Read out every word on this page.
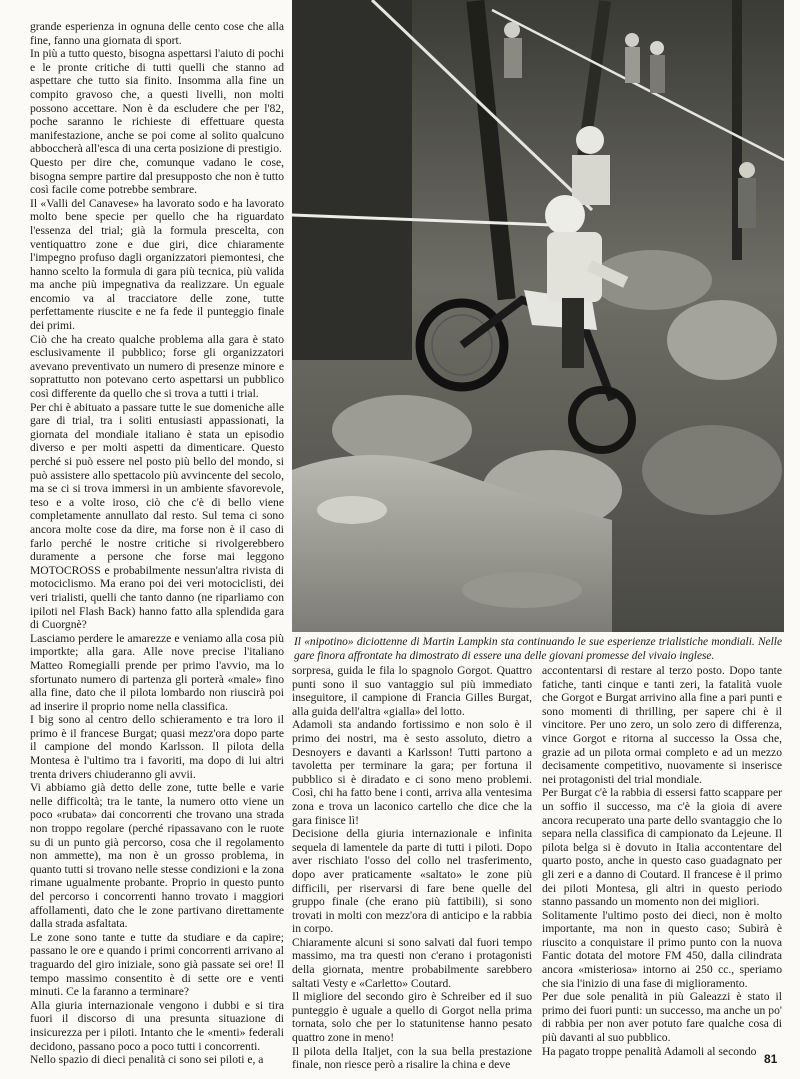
grande esperienza in ognuna delle cento cose che alla fine, fanno una giornata di sport.

In più a tutto questo, bisogna aspettarsi l'aiuto di pochi e le pronte critiche di tutti quelli che stanno ad aspettare che tutto sia finito. Insomma alla fine un compito gravoso che, a questi livelli, non molti possono accettare. Non è da escludere che per l'82, poche saranno le richieste di effettuare questa manifestazione, anche se poi come al solito qualcuno abboccherà all'esca di una certa posizione di prestigio.

Questo per dire che, comunque vadano le cose, bisogna sempre partire dal presupposto che non è tutto così facile come potrebbe sembrare.

Il «Valli del Canavese» ha lavorato sodo e ha lavorato molto bene specie per quello che ha riguardato l'essenza del trial; già la formula prescelta, con ventiquattro zone e due giri, dice chiaramente l'impegno profuso dagli organizzatori piemontesi, che hanno scelto la formula di gara più tecnica, più valida ma anche più impegnativa da realizzare. Un eguale encomio va al tracciatore delle zone, tutte perfettamente riuscite e ne fa fede il punteggio finale dei primi.

Ciò che ha creato qualche problema alla gara è stato esclusivamente il pubblico; forse gli organizzatori avevano preventivato un numero di presenze minore e soprattutto non potevano certo aspettarsi un pubblico così differente da quello che si trova a tutti i trial.

Per chi è abituato a passare tutte le sue domeniche alle gare di trial, tra i soliti entusiasti appassionati, la giornata del mondiale italiano è stata un episodio diverso e per molti aspetti da dimenticare. Questo perché si può essere nel posto più bello del mondo, si può assistere allo spettacolo più avvincente del secolo, ma se ci si trova immersi in un ambiente sfavorevole, teso e a volte iroso, ciò che c'è di bello viene completamente annullato dal resto. Sul tema ci sono ancora molte cose da dire, ma forse non è il caso di farlo perché le nostre critiche si rivolgerebbero duramente a persone che forse mai leggono MOTOCROSS e probabilmente nessun'altra rivista di motociclismo. Ma erano poi dei veri motociclisti, dei veri trialisti, quelli che tanto danno (ne riparliamo con ipiloti nel Flash Back) hanno fatto alla splendida gara di Cuorgnè?

Lasciamo perdere le amarezze e veniamo alla cosa più importkte; alla gara. Alle nove precise l'italiano Matteo Romegialli prende per primo l'avvio, ma lo sfortunato numero di partenza gli porterà «male» fino alla fine, dato che il pilota lombardo non riuscirà poi ad inserire il proprio nome nella classifica.

I big sono al centro dello schieramento e tra loro il primo è il francese Burgat; quasi mezz'ora dopo parte il campione del mondo Karlsson. Il pilota della Montesa è l'ultimo tra i favoriti, ma dopo di lui altri trenta drivers chiuderanno gli avvii.

Vi abbiamo già detto delle zone, tutte belle e varie nelle difficoltà; tra le tante, la numero otto viene un poco «rubata» dai concorrenti che trovano una strada non troppo regolare (perché ripassavano con le ruote su di un punto già percorso, cosa che il regolamento non ammette), ma non è un grosso problema, in quanto tutti si trovano nelle stesse condizioni e la zona rimane ugualmente probante. Proprio in questo punto del percorso i concorrenti hanno trovato i maggiori affollamenti, dato che le zone partivano direttamente dalla strada asfaltata.

Le zone sono tante e tutte da studiare e da capire; passano le ore e quando i primi concorrenti arrivano al traguardo del giro iniziale, sono già passate sei ore! Il tempo massimo consentito è di sette ore e venti minuti. Ce la faranno a terminare?

Alla giuria internazionale vengono i dubbi e si tira fuori il discorso di una presunta situazione di insicurezza per i piloti. Intanto che le «menti» federali decidono, passano poco a poco tutti i concorrenti.

Nello spazio di dieci penalità ci sono sei piloti e, a

Il «nipotino» diciottenne di Martin Lampkin sta continuando le sue esperienze trialistiche mondiali. Nelle gare finora affrontate ha dimostrato di essere una delle giovani promesse del vivaio inglese.

sorpresa, guida le fila lo spagnolo Gorgot. Quattro punti sono il suo vantaggio sul più immediato inseguitore, il campione di Francia Gilles Burgat, alla guida dell'altra «gialla» del lotto.

Adamoli sta andando fortissimo e non solo è il primo dei nostri, ma è sesto assoluto, dietro a Desnoyers e davanti a Karlsson! Tutti partono a tavoletta per terminare la gara; per fortuna il pubblico si è diradato e ci sono meno problemi. Così, chi ha fatto bene i conti, arriva alla ventesima zona e trova un laconico cartello che dice che la gara finisce lì!

Decisione della giuria internazionale e infinita sequela di lamentele da parte di tutti i piloti. Dopo aver rischiato l'osso del collo nel trasferimento, dopo aver praticamente «saltato» le zone più difficili, per riservarsi di fare bene quelle del gruppo finale (che erano più fattibili), si sono trovati in molti con mezz'ora di anticipo e la rabbia in corpo.

Chiaramente alcuni si sono salvati dal fuori tempo massimo, ma tra questi non c'erano i protagonisti della giornata, mentre probabilmente sarebbero saltati Vesty e «Carletto» Coutard.

Il migliore del secondo giro è Schreiber ed il suo punteggio è uguale a quello di Gorgot nella prima tornata, solo che per lo statunitense hanno pesato quattro zone in meno!

Il pilota della Italjet, con la sua bella prestazione finale, non riesce però a risalire la china e deve

accontentarsi di restare al terzo posto. Dopo tante fatiche, tanti cinque e tanti zeri, la fatalità vuole che Gorgot e Burgat arrivino alla fine a pari punti e sono momenti di thrilling, per sapere chi è il vincitore. Per uno zero, un solo zero di differenza, vince Gorgot e ritorna al successo la Ossa che, grazie ad un pilota ormai completo e ad un mezzo decisamente competitivo, nuovamente si inserisce nei protagonisti del trial mondiale.

Per Burgat c'è la rabbia di essersi fatto scappare per un soffio il successo, ma c'è la gioia di avere ancora recuperato una parte dello svantaggio che lo separa nella classifica di campionato da Lejeune. Il pilota belga si è dovuto in Italia accontentare del quarto posto, anche in questo caso guadagnato per gli zeri e a danno di Coutard. Il francese è il primo dei piloti Montesa, gli altri in questo periodo stanno passando un momento non dei migliori.

Solitamente l'ultimo posto dei dieci, non è molto importante, ma non in questo caso; Subirà è riuscito a conquistare il primo punto con la nuova Fantic dotata del motore FM 450, dalla cilindrata ancora «misteriosa» intorno ai 250 cc., speriamo che sia l'inizio di una fase di miglioramento.

Per due sole penalità in più Galeazzi è stato il primo dei fuori punti: un successo, ma anche un po' di rabbia per non aver potuto fare qualche cosa di più davanti al suo pubblico.

Ha pagato troppe penalità Adamoli al secondo

81
